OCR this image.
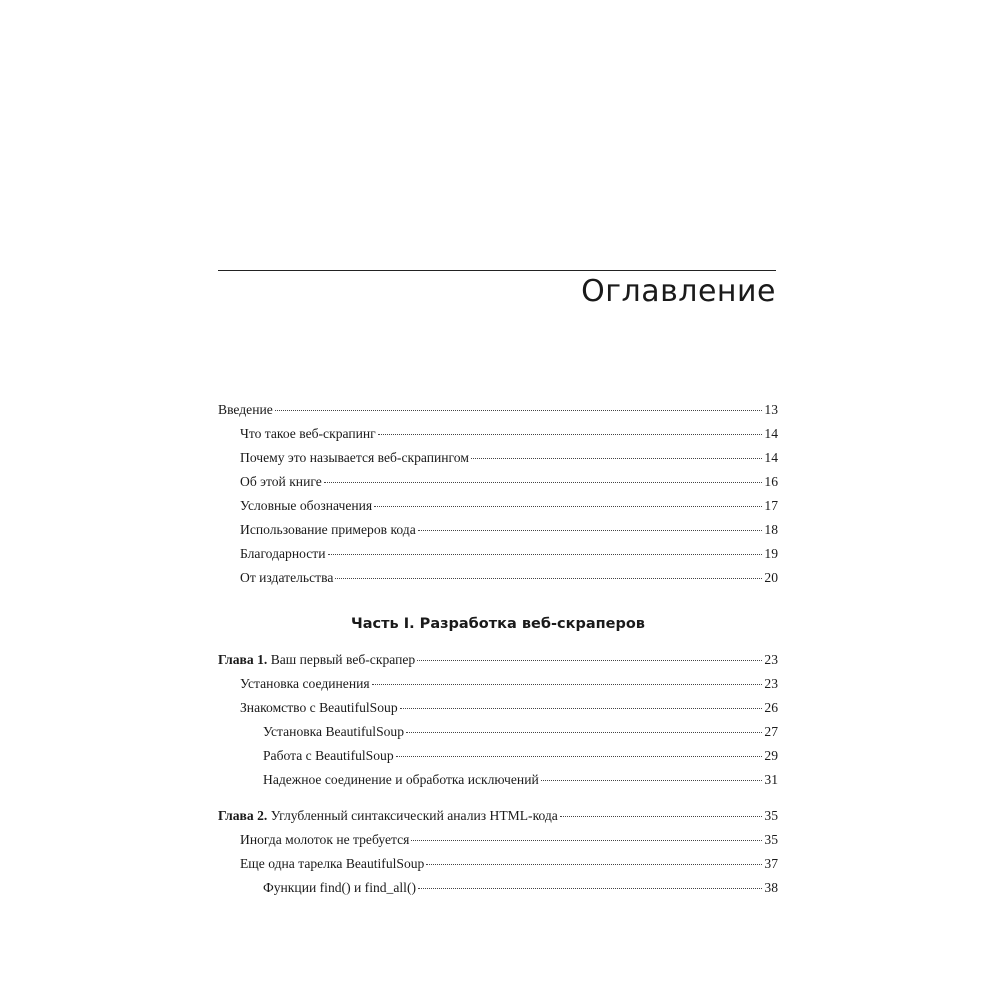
Оглавление
Введение	13
Что такое веб-скрапинг	14
Почему это называется веб-скрапингом	14
Об этой книге	16
Условные обозначения	17
Использование примеров кода	18
Благодарности	19
От издательства	20
Часть I. Разработка веб-скраперов
Глава 1. Ваш первый веб-скрапер	23
Установка соединения	23
Знакомство с BeautifulSoup	26
Установка BeautifulSoup	27
Работа с BeautifulSoup	29
Надежное соединение и обработка исключений	31
Глава 2. Углубленный синтаксический анализ HTML-кода	35
Иногда молоток не требуется	35
Еще одна тарелка BeautifulSoup	37
Функции find() и find_all()	38
